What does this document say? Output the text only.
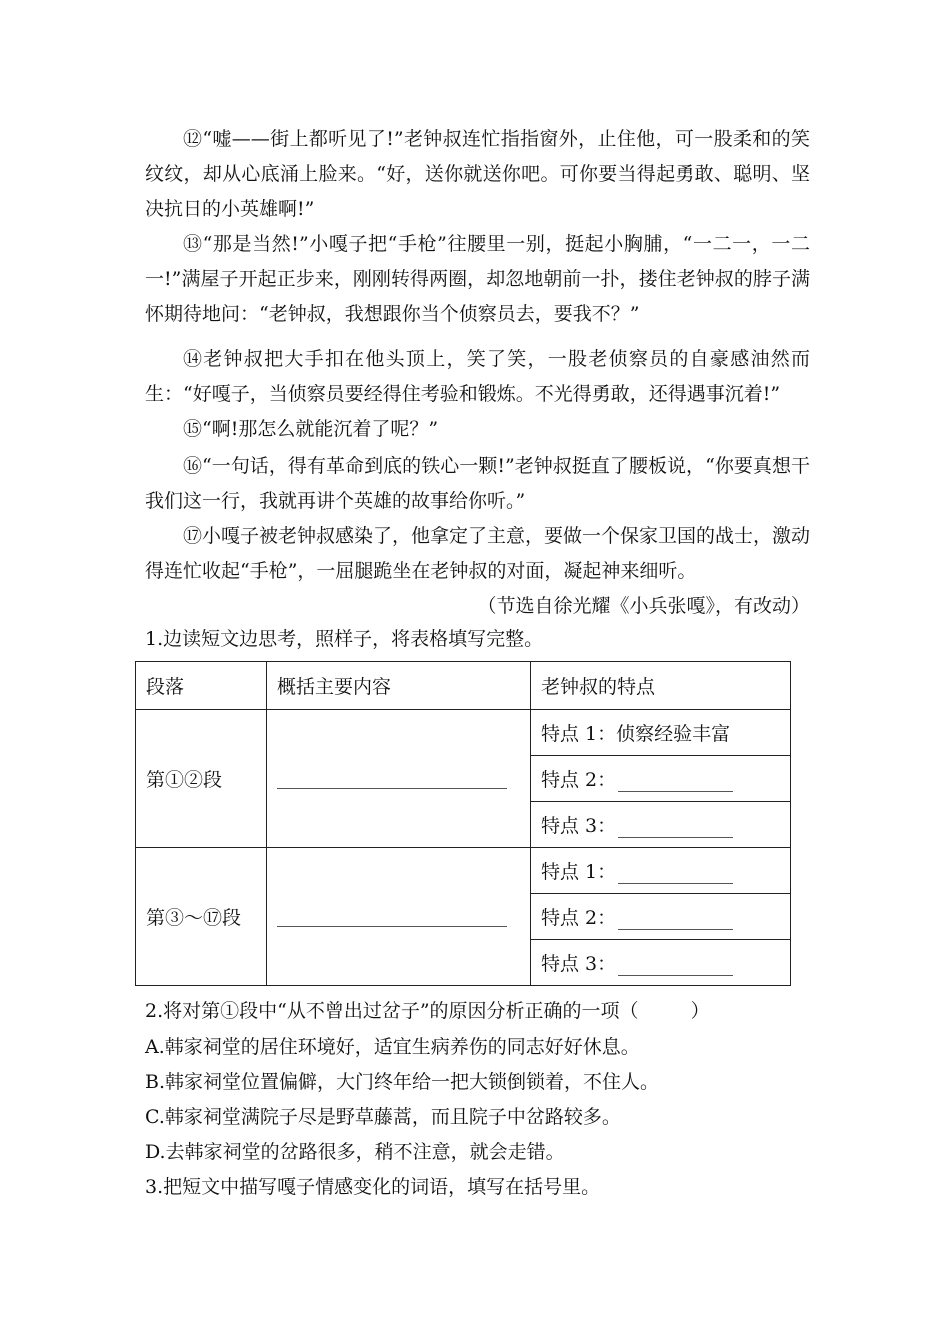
⑫“嘘——街上都听见了!”老钟叔连忙指指窗外，止住他，可一股柔和的笑纹纹，却从心底涌上脸来。“好，送你就送你吧。可你要当得起勇敢、聪明、坚决抗日的小英雄啊!”

⑬“那是当然!”小嘎子把“手枪”往腰里一别，挺起小胸脯，“一二一，一二一!”满屋子开起正步来，刚刚转得两圈，却忽地朝前一扑，搂住老钟叔的脖子满怀期待地问：“老钟叔，我想跟你当个侦察员去，要我不？”

⑭老钟叔把大手扣在他头顶上，笑了笑，一股老侦察员的自豪感油然而生：“好嘎子，当侦察员要经得住考验和锻炼。不光得勇敢，还得遇事沉着!”

⑮“啊!那怎么就能沉着了呢？”

⑯“一句话，得有革命到底的铁心一颗!”老钟叔挺直了腰板说，“你要真想干我们这一行，我就再讲个英雄的故事给你听。”

⑰小嘎子被老钟叔感染了，他拿定了主意，要做一个保家卫国的战士，激动得连忙收起“手枪”，一屈腿跪坐在老钟叔的对面，凝起神来细听。

（节选自徐光耀《小兵张嘎》，有改动）

1.边读短文边思考，照样子，将表格填写完整。

段落	概括主要内容	老钟叔的特点
第①②段		特点 1：侦察经验丰富
		特点 2：
		特点 3：
第③～⑰段		特点 1：
		特点 2：
		特点 3：

2.将对第①段中“从不曾出过岔子”的原因分析正确的一项（	）

A.韩家祠堂的居住环境好，适宜生病养伤的同志好好休息。

B.韩家祠堂位置偏僻，大门终年给一把大锁倒锁着，不住人。

C.韩家祠堂满院子尽是野草藤蒿，而且院子中岔路较多。

D.去韩家祠堂的岔路很多，稍不注意，就会走错。

3.把短文中描写嘎子情感变化的词语，填写在括号里。
